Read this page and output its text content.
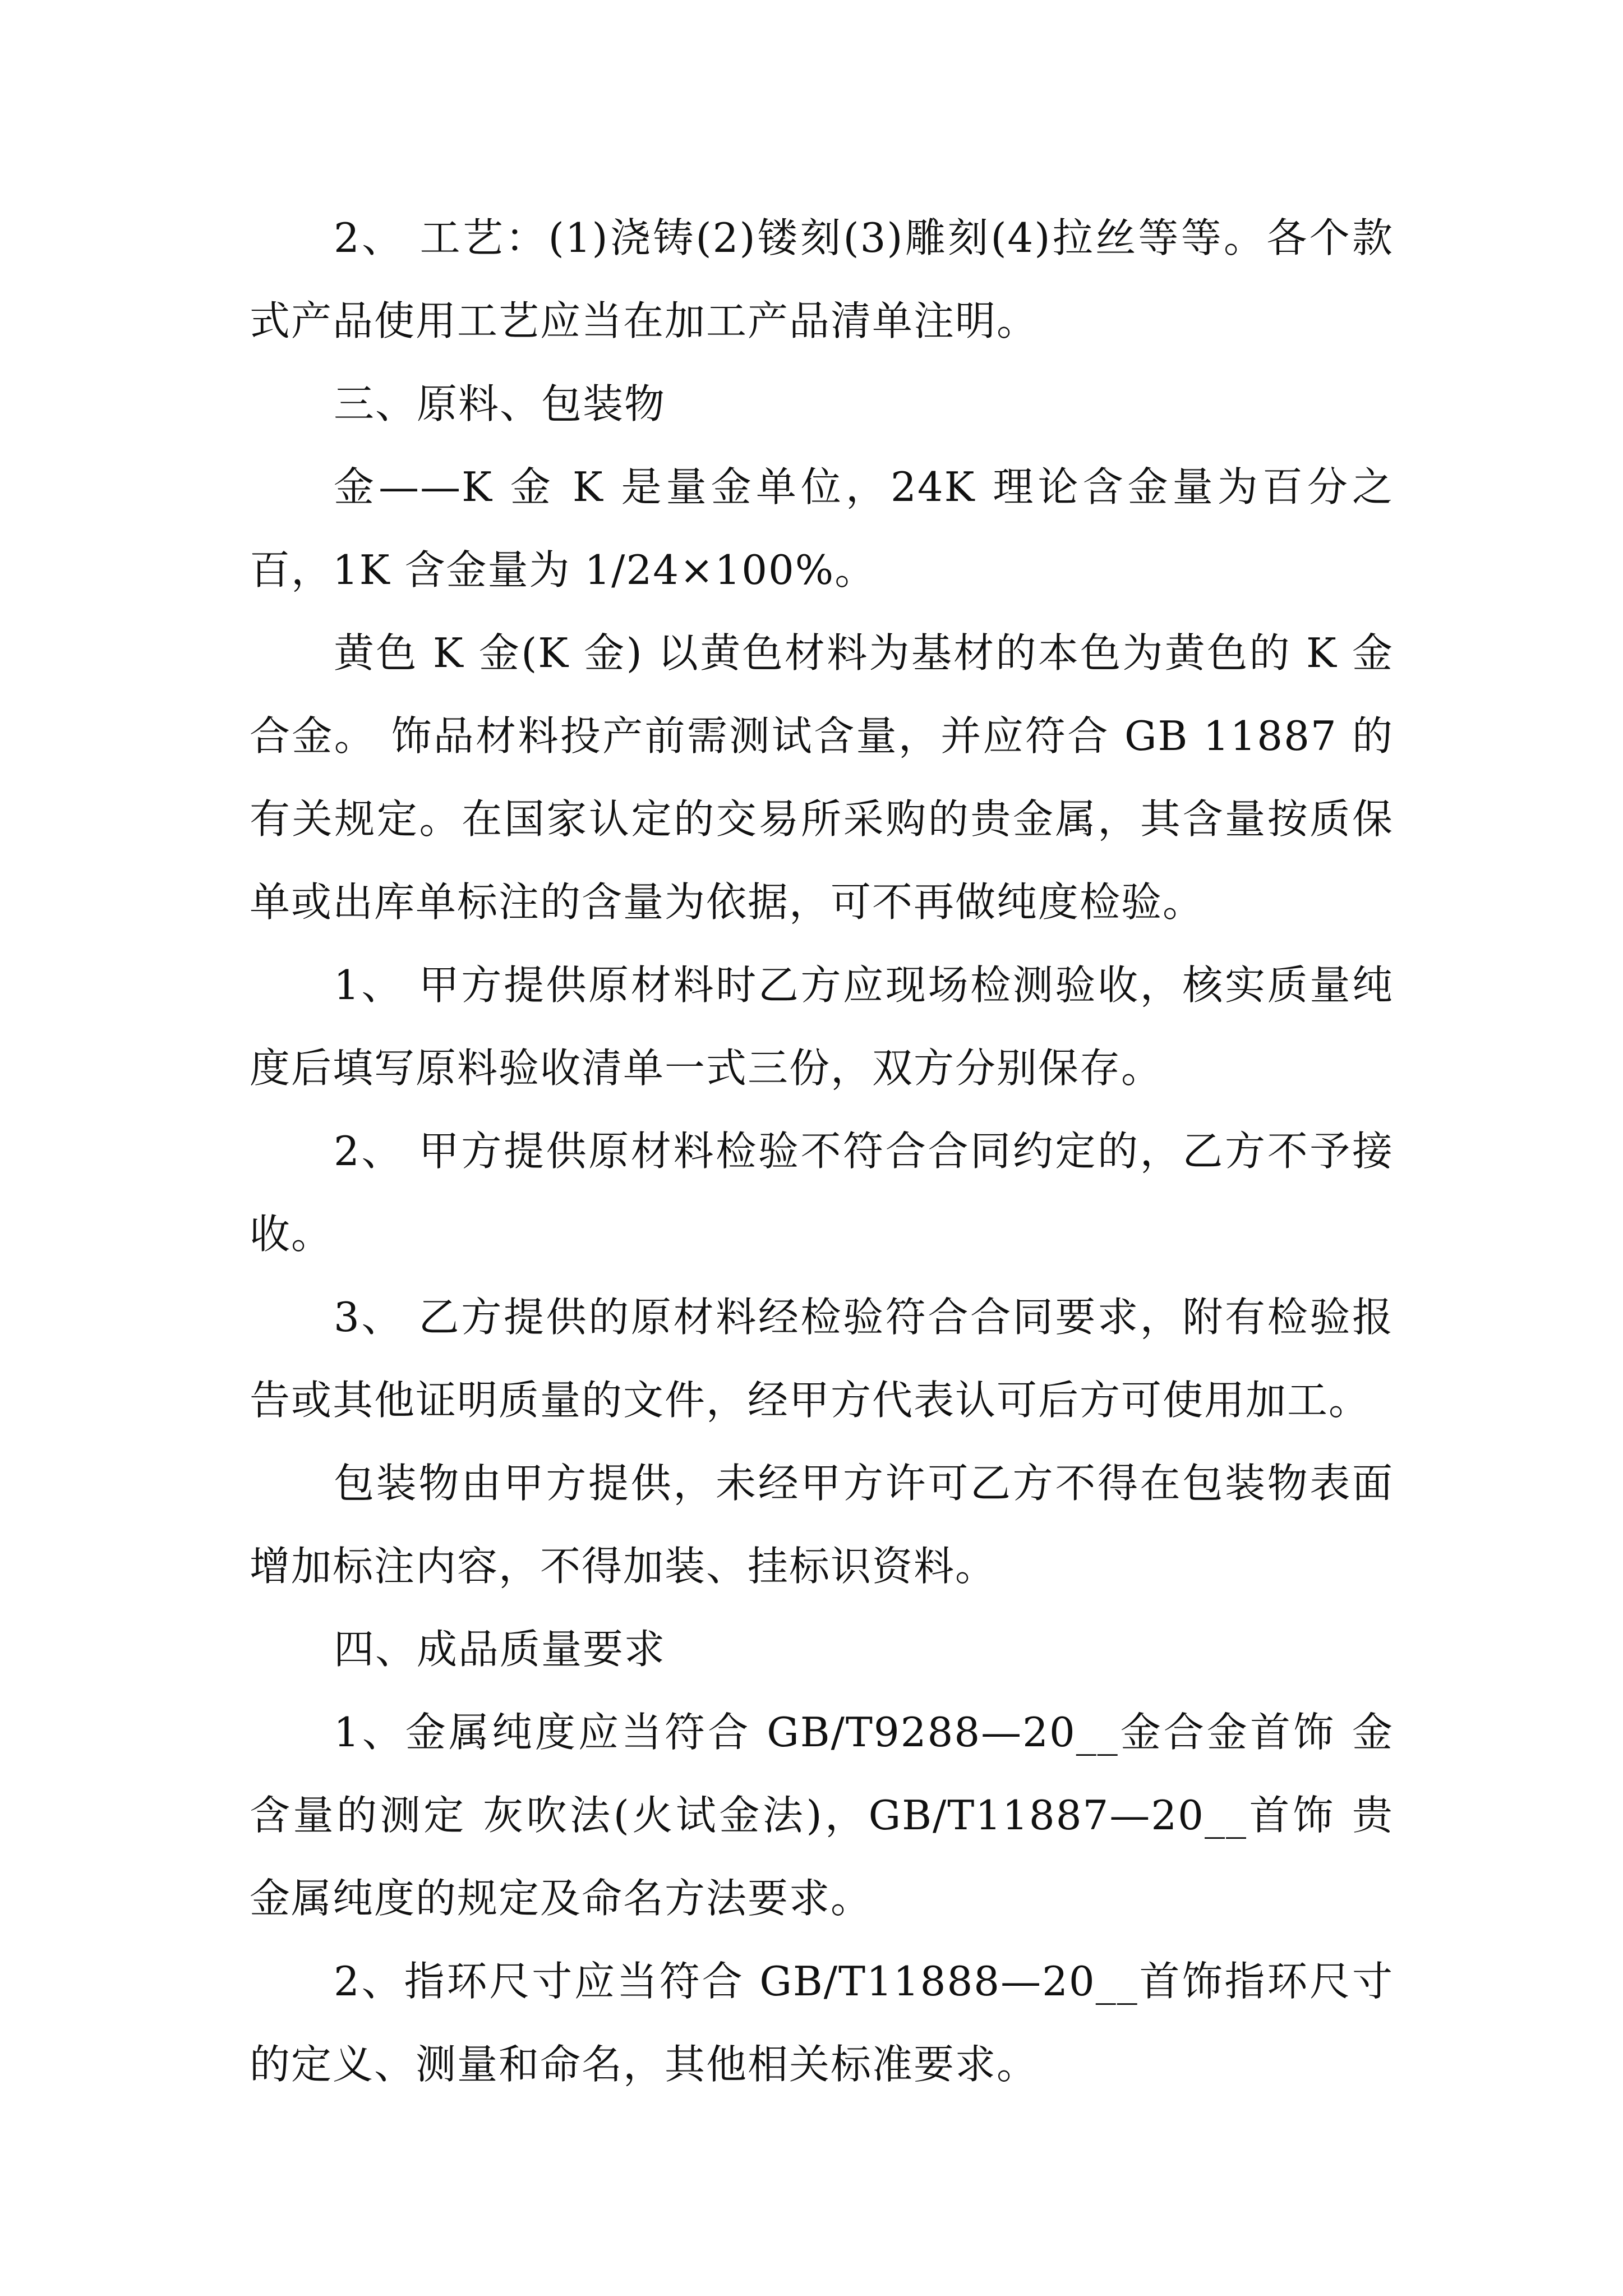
2、 工艺：(1)浇铸(2)镂刻(3)雕刻(4)拉丝等等。各个款式产品使用工艺应当在加工产品清单注明。

三、原料、包装物

金——K 金 K 是量金单位，24K 理论含金量为百分之百，1K 含金量为 1/24×100%。

黄色 K 金(K 金) 以黄色材料为基材的本色为黄色的 K 金合金。 饰品材料投产前需测试含量，并应符合 GB 11887 的有关规定。在国家认定的交易所采购的贵金属，其含量按质保单或出库单标注的含量为依据，可不再做纯度检验。

1、 甲方提供原材料时乙方应现场检测验收，核实质量纯度后填写原料验收清单一式三份，双方分别保存。

2、 甲方提供原材料检验不符合合同约定的，乙方不予接收。

3、 乙方提供的原材料经检验符合合同要求，附有检验报告或其他证明质量的文件，经甲方代表认可后方可使用加工。

包装物由甲方提供，未经甲方许可乙方不得在包装物表面增加标注内容，不得加装、挂标识资料。

四、成品质量要求

1、金属纯度应当符合 GB/T9288—20__金合金首饰 金含量的测定 灰吹法(火试金法)，GB/T11887—20__首饰 贵金属纯度的规定及命名方法要求。

2、指环尺寸应当符合 GB/T11888—20__首饰指环尺寸的定义、测量和命名，其他相关标准要求。
